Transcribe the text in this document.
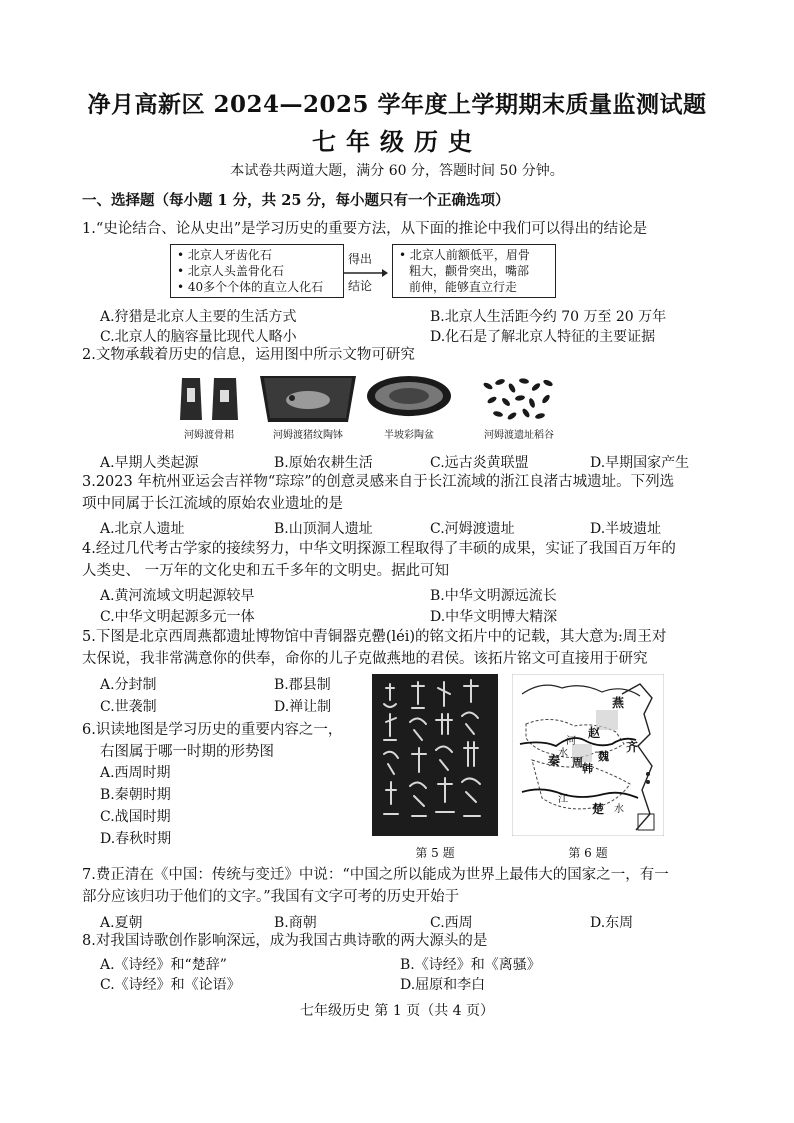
净月高新区 2024—2025 学年度上学期期末质量监测试题
七年级历史
本试卷共两道大题，满分 60 分，答题时间 50 分钟。
一、选择题（每小题 1 分，共 25 分，每小题只有一个正确选项）
1.“史论结合、论从史出”是学习历史的重要方法，从下面的推论中我们可以得出的结论是
• 北京人牙齿化石
• 北京人头盖骨化石
• 40多个个体的直立人化石
得出
结论
• 北京人前额低平，眉骨
粗大，颧骨突出，嘴部
前伸，能够直立行走
A.狩猎是北京人主要的生活方式	B.北京人生活距今约 70 万至 20 万年
C.北京人的脑容量比现代人略小	D.化石是了解北京人特征的主要证据
2.文物承载着历史的信息，运用图中所示文物可研究
河姆渡骨耜	河姆渡猪纹陶钵	半坡彩陶盆	河姆渡遗址稻谷
A.早期人类起源	B.原始农耕生活	C.远古炎黄联盟	D.早期国家产生
3.2023 年杭州亚运会吉祥物“琮琮”的创意灵感来自于长江流域的浙江良渚古城遗址。下列选
项中同属于长江流域的原始农业遗址的是
A.北京人遗址	B.山顶洞人遗址	C.河姆渡遗址	D.半坡遗址
4.经过几代考古学家的接续努力，中华文明探源工程取得了丰硕的成果，实证了我国百万年的
人类史、 一万年的文化史和五千多年的文明史。据此可知
A.黄河流域文明起源较早	B.中华文明源远流长
C.中华文明起源多元一体	D.中华文明博大精深
5.下图是北京西周燕都遗址博物馆中青铜器克罍(léi)的铭文拓片中的记载，其大意为:周王对
太保说，我非常满意你的供奉，命你的儿子克做燕地的君侯。该拓片铭文可直接用于研究
A.分封制	B.郡县制
C.世袭制	D.禅让制
第 5 题
燕
赵
齐
魏
韩
秦 周
楚
江
水
河
水
第 6 题
6.识读地图是学习历史的重要内容之一，
右图属于哪一时期的形势图
A.西周时期
B.秦朝时期
C.战国时期
D.春秋时期
7.费正清在《中国：传统与变迁》中说：“中国之所以能成为世界上最伟大的国家之一，有一
部分应该归功于他们的文字。”我国有文字可考的历史开始于
A.夏朝	B.商朝	C.西周	D.东周
8.对我国诗歌创作影响深远，成为我国古典诗歌的两大源头的是
A.《诗经》和“楚辞”	B.《诗经》和《离骚》
C.《诗经》和《论语》	D.屈原和李白
七年级历史 第 1 页（共 4 页）
